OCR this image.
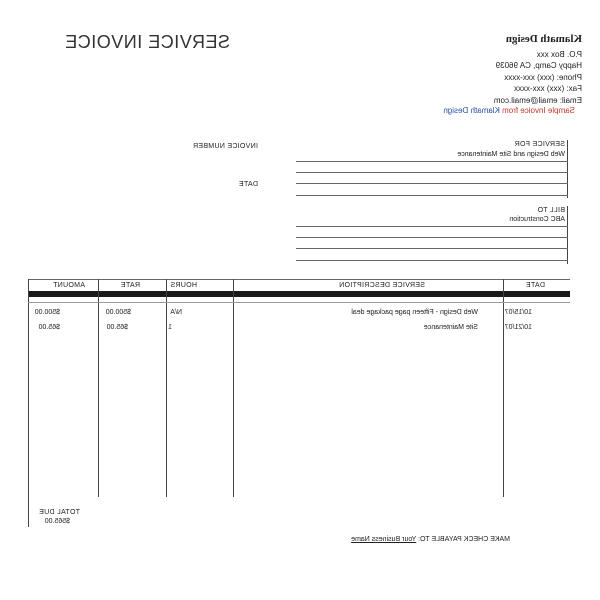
Klamath Design
P.O. Box xxx
Happy Camp, CA 96039
Phone: (xxx) xxx-xxxx
Fax: (xxx) xxx-xxxx
Email: email@email.com
SERVICE INVOICE
Sample Invoice from Klamath Design
INVOICE NUMBER
DATE
SERVICE FOR
Web Design and Site Maintenance
BILL TO
ABC Construction
DATE
SERVICE DESCRIPTION
HOURS
RATE
AMOUNT
10/15/07
Web Design - Fifteen page package deal
N/A
$500.00
$500.00
10/21/07
Site Maintenance
1
$65.00
$65.00
TOTAL DUE
$565.00
MAKE CHECK PAYABLE TO: Your Business Name
